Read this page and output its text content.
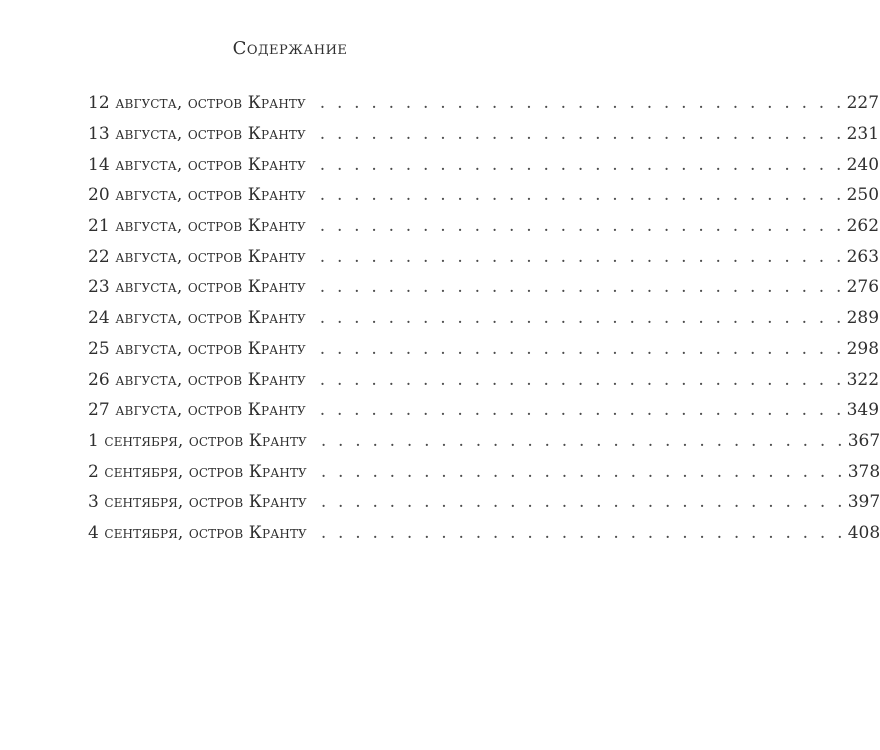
Содержание
12 августа, остров Кранту . . . . . . . . . . . . . . . . . . . . . . . . . . . . . . . 227
13 августа, остров Кранту . . . . . . . . . . . . . . . . . . . . . . . . . . . . . . . 231
14 августа, остров Кранту . . . . . . . . . . . . . . . . . . . . . . . . . . . . . . . 240
20 августа, остров Кранту . . . . . . . . . . . . . . . . . . . . . . . . . . . . . . . 250
21 августа, остров Кранту . . . . . . . . . . . . . . . . . . . . . . . . . . . . . . . 262
22 августа, остров Кранту . . . . . . . . . . . . . . . . . . . . . . . . . . . . . . . 263
23 августа, остров Кранту . . . . . . . . . . . . . . . . . . . . . . . . . . . . . . . 276
24 августа, остров Кранту . . . . . . . . . . . . . . . . . . . . . . . . . . . . . . . 289
25 августа, остров Кранту . . . . . . . . . . . . . . . . . . . . . . . . . . . . . . . 298
26 августа, остров Кранту . . . . . . . . . . . . . . . . . . . . . . . . . . . . . . . 322
27 августа, остров Кранту . . . . . . . . . . . . . . . . . . . . . . . . . . . . . . . 349
1 сентября, остров Кранту . . . . . . . . . . . . . . . . . . . . . . . . . . . . . . . 367
2 сентября, остров Кранту . . . . . . . . . . . . . . . . . . . . . . . . . . . . . . . 378
3 сентября, остров Кранту . . . . . . . . . . . . . . . . . . . . . . . . . . . . . . . 397
4 сентября, остров Кранту . . . . . . . . . . . . . . . . . . . . . . . . . . . . . . . 408
